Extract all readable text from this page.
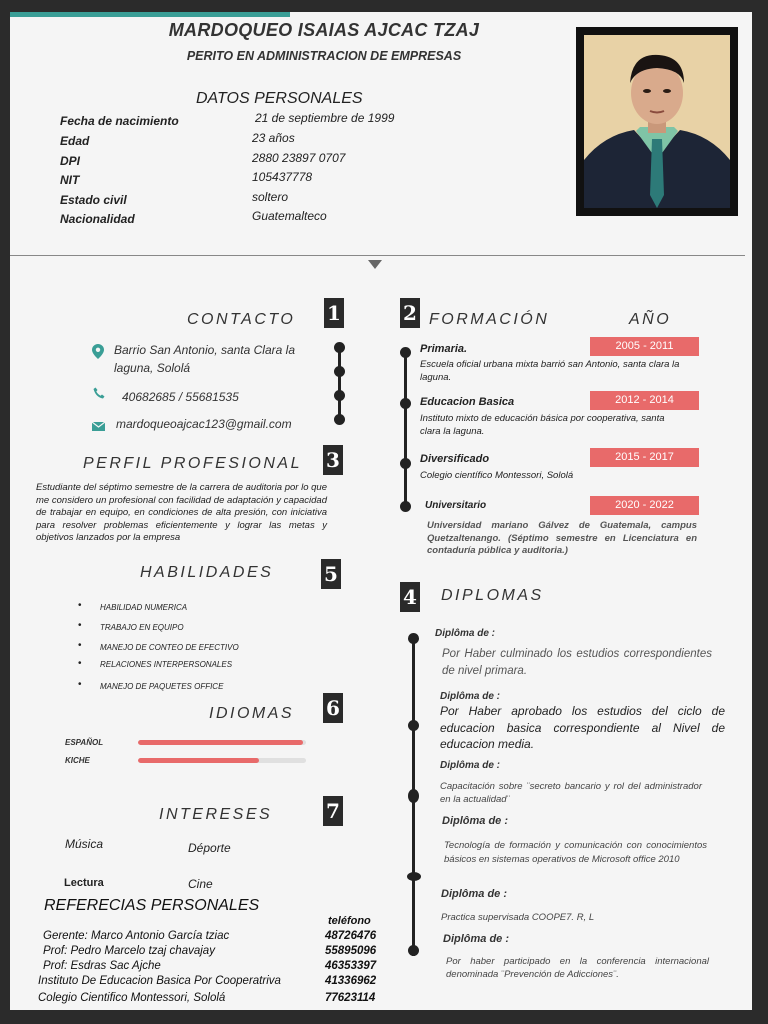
MARDOQUEO ISAIAS AJCAC TZAJ
PERITO EN ADMINISTRACION DE EMPRESAS
DATOS PERSONALES
Fecha de nacimiento	21 de septiembre de 1999
Edad	23 años
DPI	2880 23897 0707
NIT	105437778
Estado civil	soltero
Nacionalidad	Guatemalteco
CONTACTO 1
Barrio San Antonio, santa Clara la laguna, Sololá
40682685 / 55681535
mardoqueoajcac123@gmail.com
PERFIL PROFESIONAL 3
Estudiante del séptimo semestre de la carrera de auditoria por lo que me considero un profesional con facilidad de adaptación y capacidad de trabajar en equipo, en condiciones de alta presión, con iniciativa para resolver problemas eficientemente y lograr las metas y objetivos lanzados por la empresa
HABILIDADES	5
• HABILIDAD NUMERICA
• TRABAJO EN EQUIPO
• MANEJO DE CONTEO DE EFECTIVO
• RELACIONES INTERPERSONALES
• MANEJO DE PAQUETES OFFICE
IDIOMAS 6
ESPAÑOL
KICHE
INTERESES	7
Música	Déporte
Lectura	Cine
REFERECIAS PERSONALES
teléfono
Gerente: Marco Antonio García tziac	48726476
Prof: Pedro Marcelo tzaj chavajay	55895096
Prof: Esdras Sac Ajche	46353397
Instituto De Educacion Basica Por Cooperatriva	41336962
Colegio Cientifico Montessori, Sololá	77623114
2 FORMACIÓN	AÑO
Primaria.
Escuela oficial urbana mixta barrió san Antonio, santa clara la laguna.
2005 - 2011
Educacion Basica
Instituto mixto de educación básica por cooperativa, santa clara la laguna.
2012 - 2014
Diversificado
Colegio científico Montessori, Sololá
2015 - 2017
Universitario	2020 - 2022
Universidad mariano Gálvez de Guatemala, campus Quetzaltenango. (Séptimo semestre en Licenciatura en contaduría pública y auditoria.)
4 DIPLOMAS
Diplôma de :
Por Haber culminado los estudios correspondientes de nivel primara.
Diplôma de :
Por Haber aprobado los estudios del ciclo de educacion basica correspondiente al Nivel de educacion media.
Diplôma de :
Capacitación sobre ¨secreto bancario y rol del administrador en la actualidad¨
Diplôma de :
Tecnología de formación y comunicación con conocimientos básicos en sistemas operativos de Microsoft office 2010
Diplôma de :
Practica supervisada COOPE7. R, L
Diplôma de :
Por haber participado en la conferencia internacional denominada ¨Prevención de Adicciones¨.
